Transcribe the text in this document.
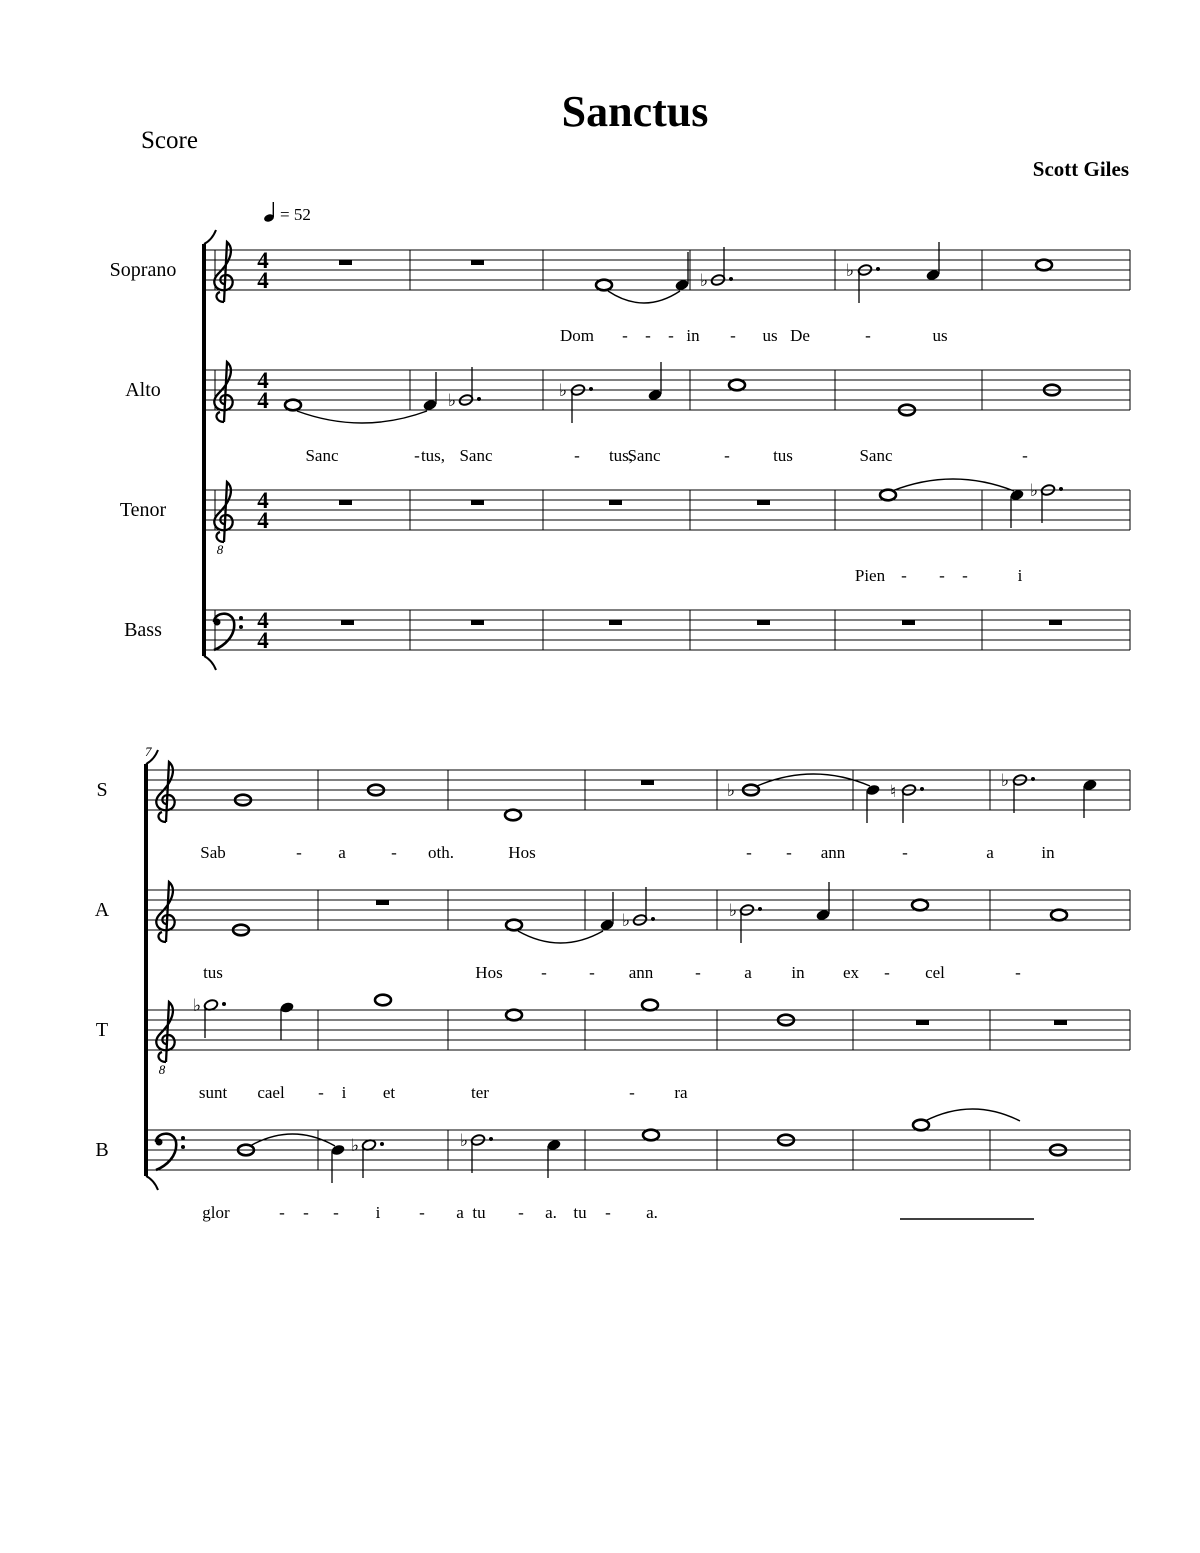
Sanctus
Score
Scott Giles
= 52
Soprano	4
4
Dom - - - in - us De	-	us
Alto	4
4
Sanc	- tus, Sanc	- tus,
Sanc	-	tus	Sanc	-
Tenor
8
4
4
Pien - - -	i
Bass	4
4
7
S
Sab	- a	- oth.	Hos	- - ann	-	a	in
A
tus	Hos - - ann -	a in ex - cel	-
T
8
sunt cael - i et	ter	- ra
B
glor	- - - i - a tu - a. tu - a.
♭
♭
♭
♭
♭
♭	♮
♭
♭
♭
♭
♭	♭
